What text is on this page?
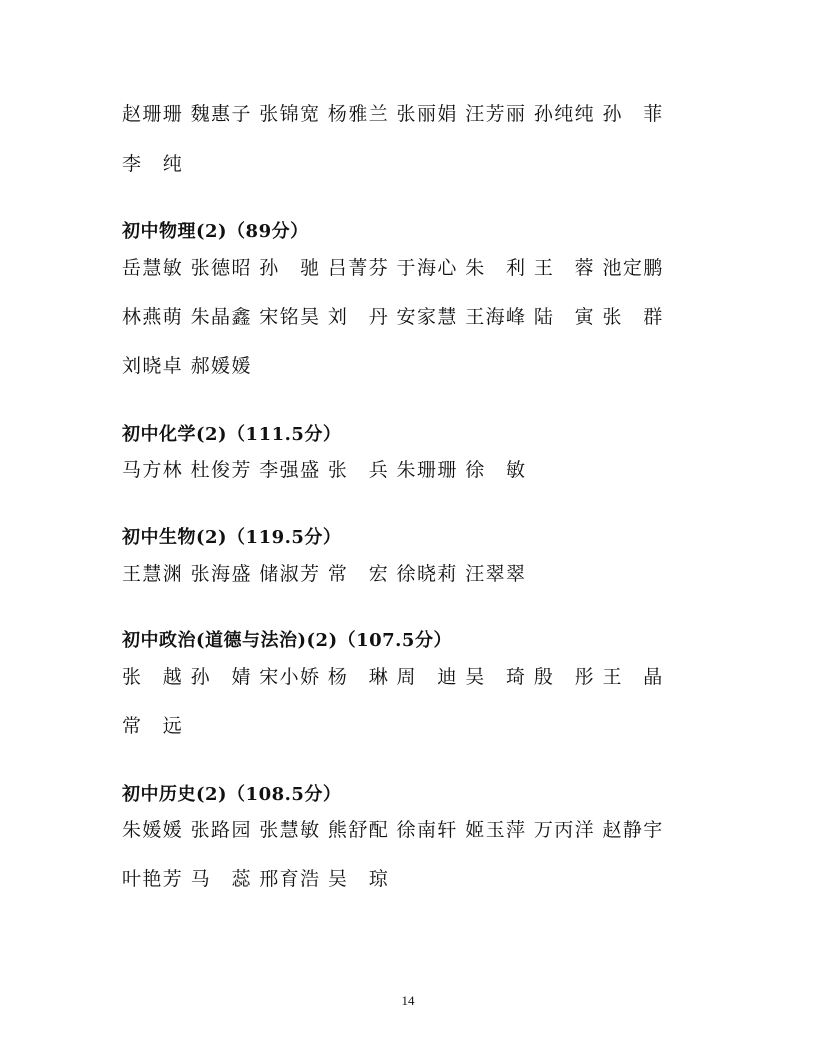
赵珊珊 魏惠子 张锦宽 杨雅兰 张丽娟 汪芳丽 孙纯纯 孙　菲
李　纯
初中物理(2)（89分）
岳慧敏 张德昭 孙　驰 吕菁芬 于海心 朱　利 王　蓉 池定鹏
林燕萌 朱晶鑫 宋铭昊 刘　丹 安家慧 王海峰 陆　寅 张　群
刘晓卓 郝媛媛
初中化学(2)（111.5分）
马方林 杜俊芳 李强盛 张　兵 朱珊珊 徐　敏
初中生物(2)（119.5分）
王慧渊 张海盛 储淑芳 常　宏 徐晓莉 汪翠翠
初中政治(道德与法治)(2)（107.5分）
张　越 孙　婧 宋小娇 杨　琳 周　迪 吴　琦 殷　彤 王　晶
常　远
初中历史(2)（108.5分）
朱媛媛 张路园 张慧敏 熊舒配 徐南轩 姬玉萍 万丙洋 赵静宇
叶艳芳 马　蕊 邢育浩 吴　琼
14
